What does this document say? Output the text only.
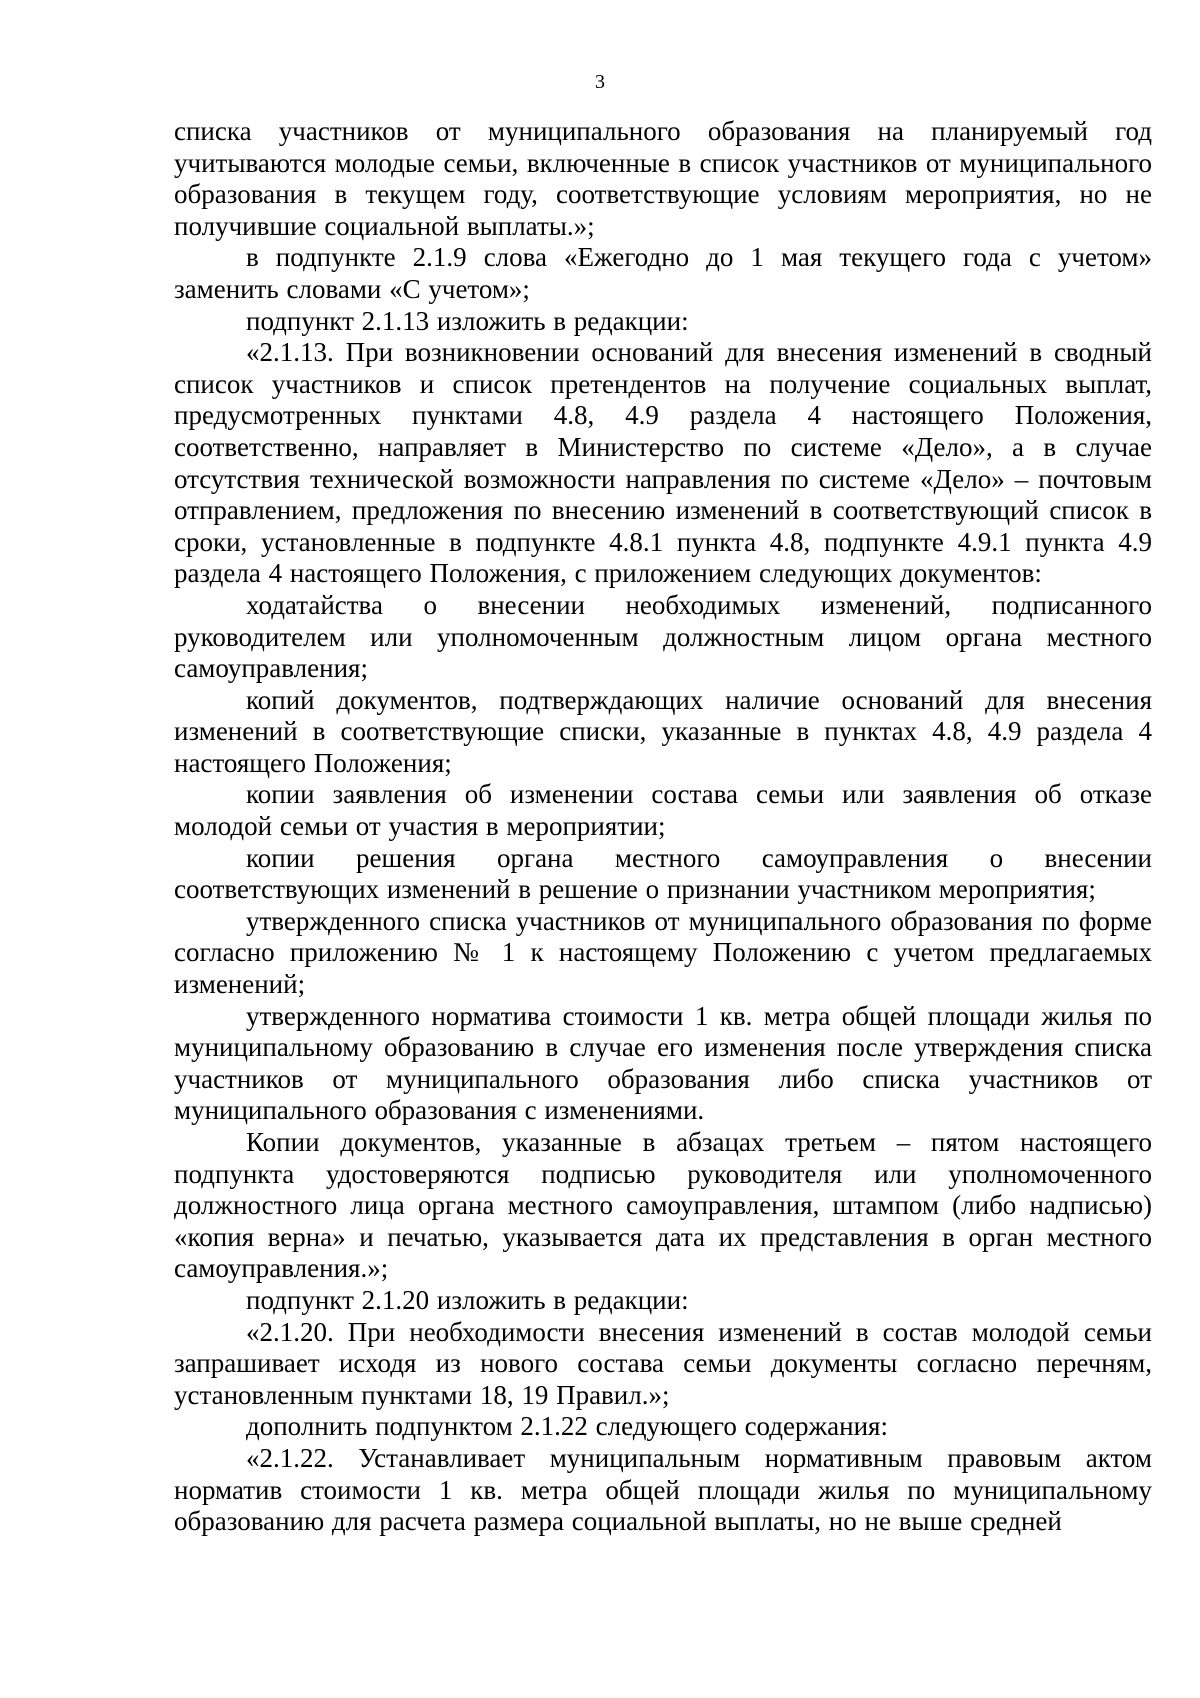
3

списка участников от муниципального образования на планируемый год учитываются молодые семьи, включенные в список участников от муниципального образования в текущем году, соответствующие условиям мероприятия, но не получившие социальной выплаты.»;

в подпункте 2.1.9 слова «Ежегодно до 1 мая текущего года с учетом» заменить словами «С учетом»;

подпункт 2.1.13 изложить в редакции:

«2.1.13. При возникновении оснований для внесения изменений в сводный список участников и список претендентов на получение социальных выплат, предусмотренных пунктами 4.8, 4.9 раздела 4 настоящего Положения, соответственно, направляет в Министерство по системе «Дело», а в случае отсутствия технической возможности направления по системе «Дело» – почтовым отправлением, предложения по внесению изменений в соответствующий список в сроки, установленные в подпункте 4.8.1 пункта 4.8, подпункте 4.9.1 пункта 4.9 раздела 4 настоящего Положения, с приложением следующих документов:

ходатайства о внесении необходимых изменений, подписанного руководителем или уполномоченным должностным лицом органа местного самоуправления;

копий документов, подтверждающих наличие оснований для внесения изменений в соответствующие списки, указанные в пунктах 4.8, 4.9 раздела 4 настоящего Положения;

копии заявления об изменении состава семьи или заявления об отказе молодой семьи от участия в мероприятии;

копии решения органа местного самоуправления о внесении соответствующих изменений в решение о признании участником мероприятия;

утвержденного списка участников от муниципального образования по форме согласно приложению № 1 к настоящему Положению с учетом предлагаемых изменений;

утвержденного норматива стоимости 1 кв. метра общей площади жилья по муниципальному образованию в случае его изменения после утверждения списка участников от муниципального образования либо списка участников от муниципального образования с изменениями.

Копии документов, указанные в абзацах третьем – пятом настоящего подпункта удостоверяются подписью руководителя или уполномоченного должностного лица органа местного самоуправления, штампом (либо надписью) «копия верна» и печатью, указывается дата их представления в орган местного самоуправления.»;

подпункт 2.1.20 изложить в редакции:

«2.1.20. При необходимости внесения изменений в состав молодой семьи запрашивает исходя из нового состава семьи документы согласно перечням, установленным пунктами 18, 19 Правил.»;

дополнить подпунктом 2.1.22 следующего содержания:

«2.1.22. Устанавливает муниципальным нормативным правовым актом норматив стоимости 1 кв. метра общей площади жилья по муниципальному образованию для расчета размера социальной выплаты, но не выше средней
